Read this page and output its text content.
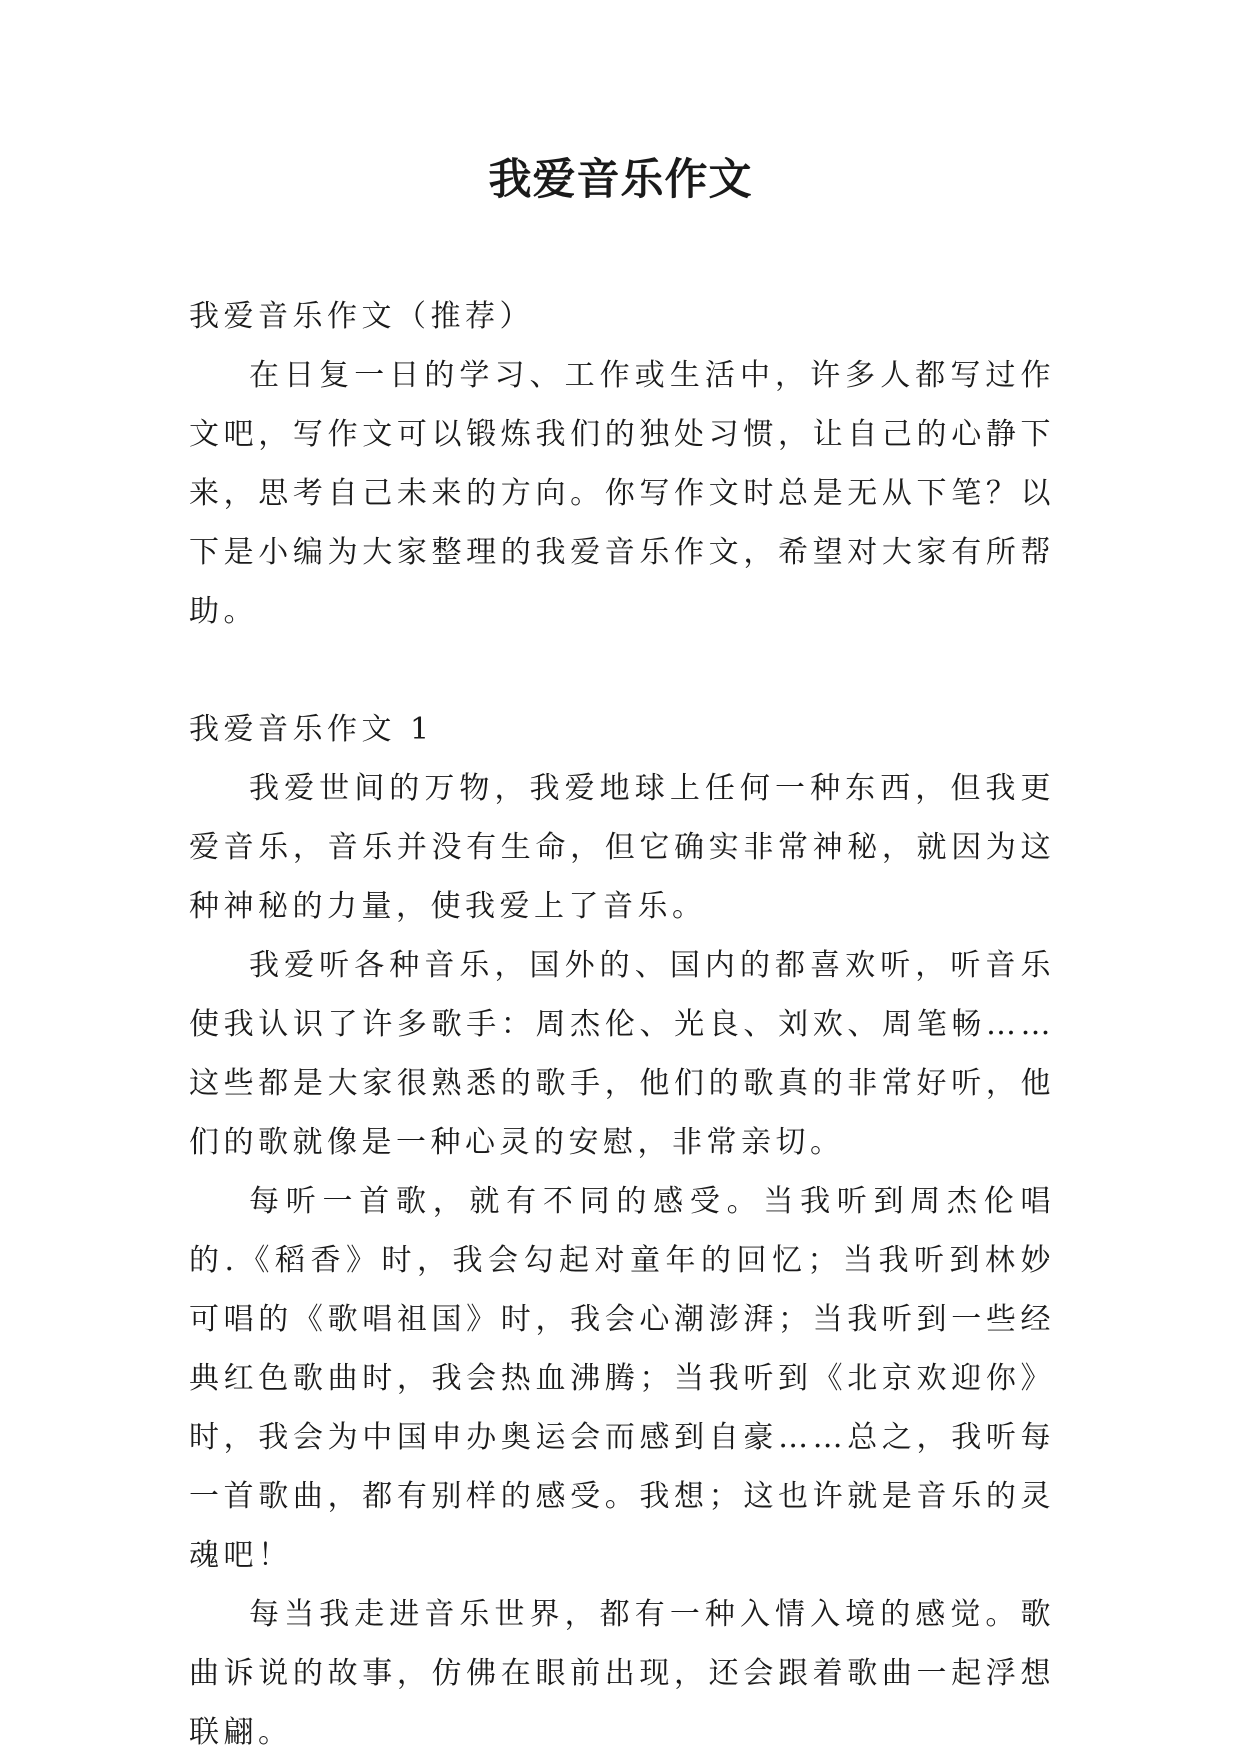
我爱音乐作文

我爱音乐作文（推荐）

在日复一日的学习、工作或生活中，许多人都写过作文吧，写作文可以锻炼我们的独处习惯，让自己的心静下来，思考自己未来的方向。你写作文时总是无从下笔？以下是小编为大家整理的我爱音乐作文，希望对大家有所帮助。

我爱音乐作文 1

我爱世间的万物，我爱地球上任何一种东西，但我更爱音乐，音乐并没有生命，但它确实非常神秘，就因为这种神秘的力量，使我爱上了音乐。

我爱听各种音乐，国外的、国内的都喜欢听，听音乐使我认识了许多歌手：周杰伦、光良、刘欢、周笔畅……这些都是大家很熟悉的歌手，他们的歌真的非常好听，他们的歌就像是一种心灵的安慰，非常亲切。

每听一首歌，就有不同的感受。当我听到周杰伦唱的.《稻香》时，我会勾起对童年的回忆；当我听到林妙可唱的《歌唱祖国》时，我会心潮澎湃；当我听到一些经典红色歌曲时，我会热血沸腾；当我听到《北京欢迎你》时，我会为中国申办奥运会而感到自豪……总之，我听每一首歌曲，都有别样的感受。我想；这也许就是音乐的灵魂吧！

每当我走进音乐世界，都有一种入情入境的感觉。歌曲诉说的故事，仿佛在眼前出现，还会跟着歌曲一起浮想联翩。
